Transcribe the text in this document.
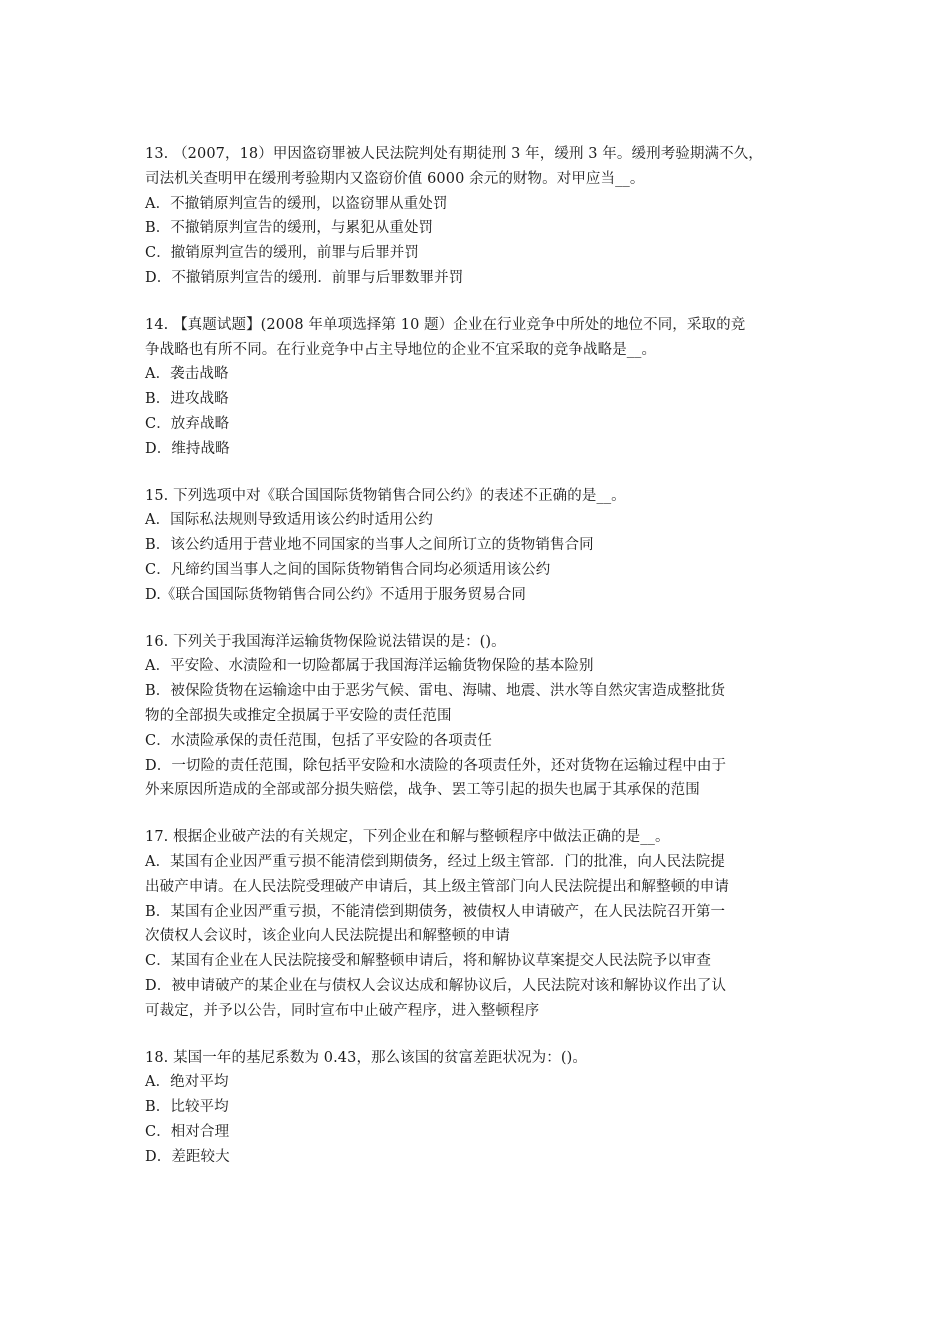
13. （2007，18）甲因盗窃罪被人民法院判处有期徒刑 3 年，缓刑 3 年。缓刑考验期满不久，
司法机关查明甲在缓刑考验期内又盗窃价值 6000 余元的财物。对甲应当__。
A．不撤销原判宣告的缓刑，以盗窃罪从重处罚
B．不撤销原判宣告的缓刑，与累犯从重处罚
C．撤销原判宣告的缓刑，前罪与后罪并罚
D．不撤销原判宣告的缓刑．前罪与后罪数罪并罚
14. 【真题试题】(2008 年单项选择第 10 题）企业在行业竞争中所处的地位不同，采取的竞
争战略也有所不同。在行业竞争中占主导地位的企业不宜采取的竞争战略是__。
A．袭击战略
B．进攻战略
C．放弃战略
D．维持战略
15. 下列选项中对《联合国国际货物销售合同公约》的表述不正确的是__。
A．国际私法规则导致适用该公约时适用公约
B．该公约适用于营业地不同国家的当事人之间所订立的货物销售合同
C．凡缔约国当事人之间的国际货物销售合同均必须适用该公约
D.《联合国国际货物销售合同公约》不适用于服务贸易合同
16. 下列关于我国海洋运输货物保险说法错误的是：()。
A．平安险、水渍险和一切险都属于我国海洋运输货物保险的基本险别
B．被保险货物在运输途中由于恶劣气候、雷电、海啸、地震、洪水等自然灾害造成整批货
物的全部损失或推定全损属于平安险的责任范围
C．水渍险承保的责任范围，包括了平安险的各项责任
D．一切险的责任范围，除包括平安险和水渍险的各项责任外，还对货物在运输过程中由于
外来原因所造成的全部或部分损失赔偿，战争、罢工等引起的损失也属于其承保的范围
17. 根据企业破产法的有关规定，下列企业在和解与整顿程序中做法正确的是__。
A．某国有企业因严重亏损不能清偿到期债务，经过上级主管部．门的批准，向人民法院提
出破产申请。在人民法院受理破产申请后，其上级主管部门向人民法院提出和解整顿的申请
B．某国有企业因严重亏损，不能清偿到期债务，被债权人申请破产，在人民法院召开第一
次债权人会议时，该企业向人民法院提出和解整顿的申请
C．某国有企业在人民法院接受和解整顿申请后，将和解协议草案提交人民法院予以审查
D．被申请破产的某企业在与债权人会议达成和解协议后，人民法院对该和解协议作出了认
可裁定，并予以公告，同时宣布中止破产程序，进入整顿程序
18. 某国一年的基尼系数为 0.43，那么该国的贫富差距状况为：()。
A．绝对平均
B．比较平均
C．相对合理
D．差距较大
